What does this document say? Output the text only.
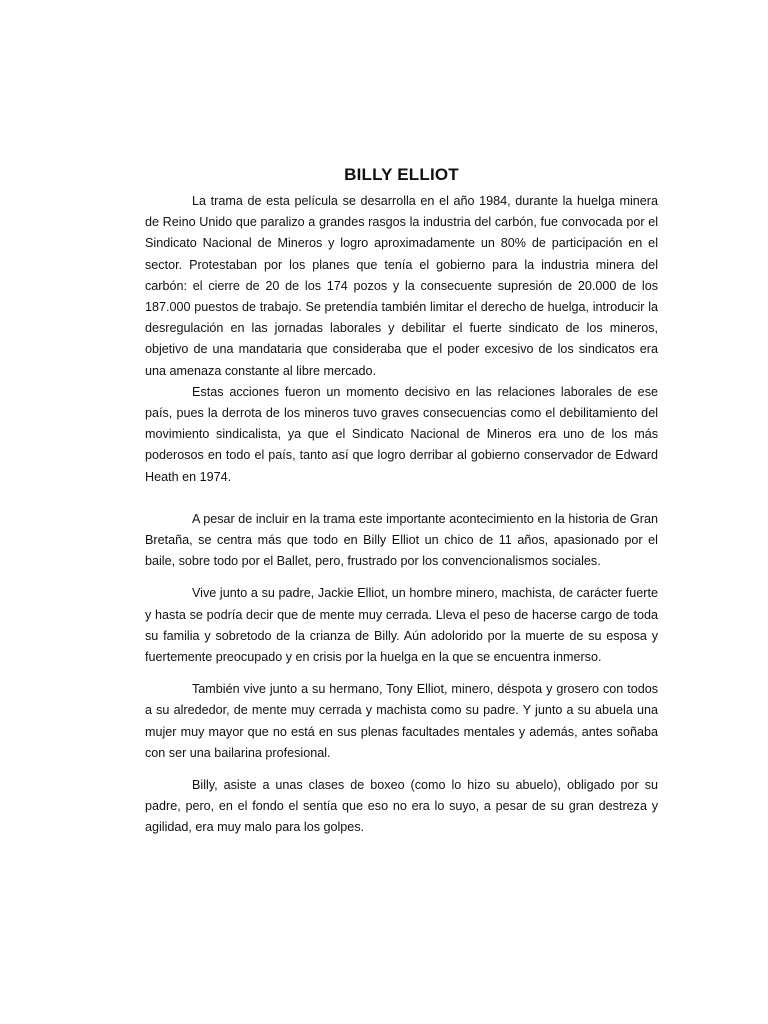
BILLY ELLIOT

La trama de esta película se desarrolla en el año 1984, durante la huelga minera de Reino Unido que paralizo a grandes rasgos la industria del carbón, fue convocada por el Sindicato Nacional de Mineros y logro aproximadamente un 80% de participación en el sector. Protestaban por los planes que tenía el gobierno para la industria minera del carbón: el cierre de 20 de los 174 pozos y la consecuente supresión de 20.000 de los 187.000 puestos de trabajo. Se pretendía también limitar el derecho de huelga, introducir la desregulación en las jornadas laborales y debilitar el fuerte sindicato de los mineros, objetivo de una mandataria que consideraba que el poder excesivo de los sindicatos era una amenaza constante al libre mercado.

Estas acciones fueron un momento decisivo en las relaciones laborales de ese país, pues la derrota de los mineros tuvo graves consecuencias como el debilitamiento del movimiento sindicalista, ya que el Sindicato Nacional de Mineros era uno de los más poderosos en todo el país, tanto así que logro derribar al gobierno conservador de Edward Heath en 1974.

A pesar de incluir en la trama este importante acontecimiento en la historia de Gran Bretaña, se centra más que todo en Billy Elliot un chico de 11 años, apasionado por el baile, sobre todo por el Ballet, pero, frustrado por los convencionalismos sociales.

Vive junto a su padre, Jackie Elliot, un hombre minero, machista, de carácter fuerte y hasta se podría decir que de mente muy cerrada. Lleva el peso de hacerse cargo de toda su familia y sobretodo de la crianza de Billy. Aún adolorido por la muerte de su esposa y fuertemente preocupado y en crisis por la huelga en la que se encuentra inmerso.

También vive junto a su hermano, Tony Elliot, minero, déspota y grosero con todos a su alrededor, de mente muy cerrada y machista como su padre. Y junto a su abuela una mujer muy mayor que no está en sus plenas facultades mentales y además, antes soñaba con ser una bailarina profesional.

Billy, asiste a unas clases de boxeo (como lo hizo su abuelo), obligado por su padre, pero, en el fondo el sentía que eso no era lo suyo, a pesar de su gran destreza y agilidad, era muy malo para los golpes.
